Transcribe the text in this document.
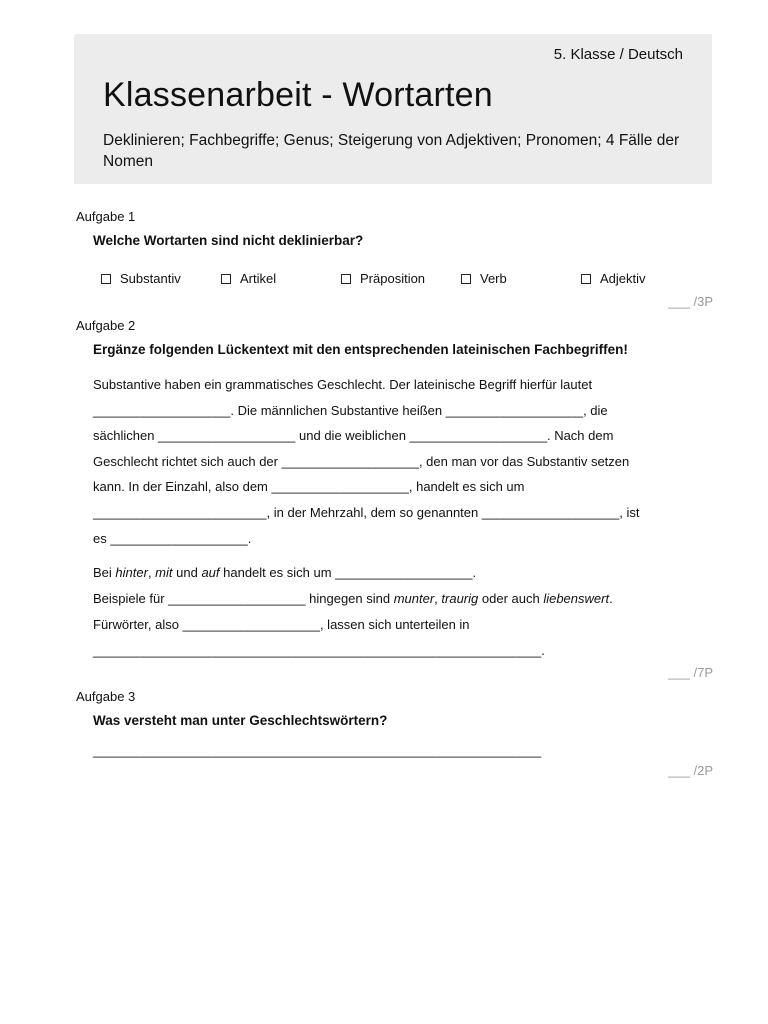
5. Klasse / Deutsch
Klassenarbeit - Wortarten
Deklinieren; Fachbegriffe; Genus; Steigerung von Adjektiven; Pronomen; 4 Fälle der Nomen
Aufgabe 1
Welche Wortarten sind nicht deklinierbar?
Substantiv	Artikel	Präposition	Verb	Adjektiv
___ /3P
Aufgabe 2
Ergänze folgenden Lückentext mit den entsprechenden lateinischen Fachbegriffen!
Substantive haben ein grammatisches Geschlecht. Der lateinische Begriff hierfür lautet
___________________. Die männlichen Substantive heißen ___________________, die
sächlichen ___________________ und die weiblichen ___________________. Nach dem
Geschlecht richtet sich auch der ___________________, den man vor das Substantiv setzen
kann. In der Einzahl, also dem ___________________, handelt es sich um
________________________, in der Mehrzahl, dem so genannten ___________________, ist
es ___________________.
Bei hinter, mit und auf handelt es sich um ___________________.
Beispiele für ___________________ hingegen sind munter, traurig oder auch liebenswert.
Fürwörter, also ___________________, lassen sich unterteilen in
______________________________________________________________.
___ /7P
Aufgabe 3
Was versteht man unter Geschlechtswörtern?
______________________________________________________________
___ /2P
